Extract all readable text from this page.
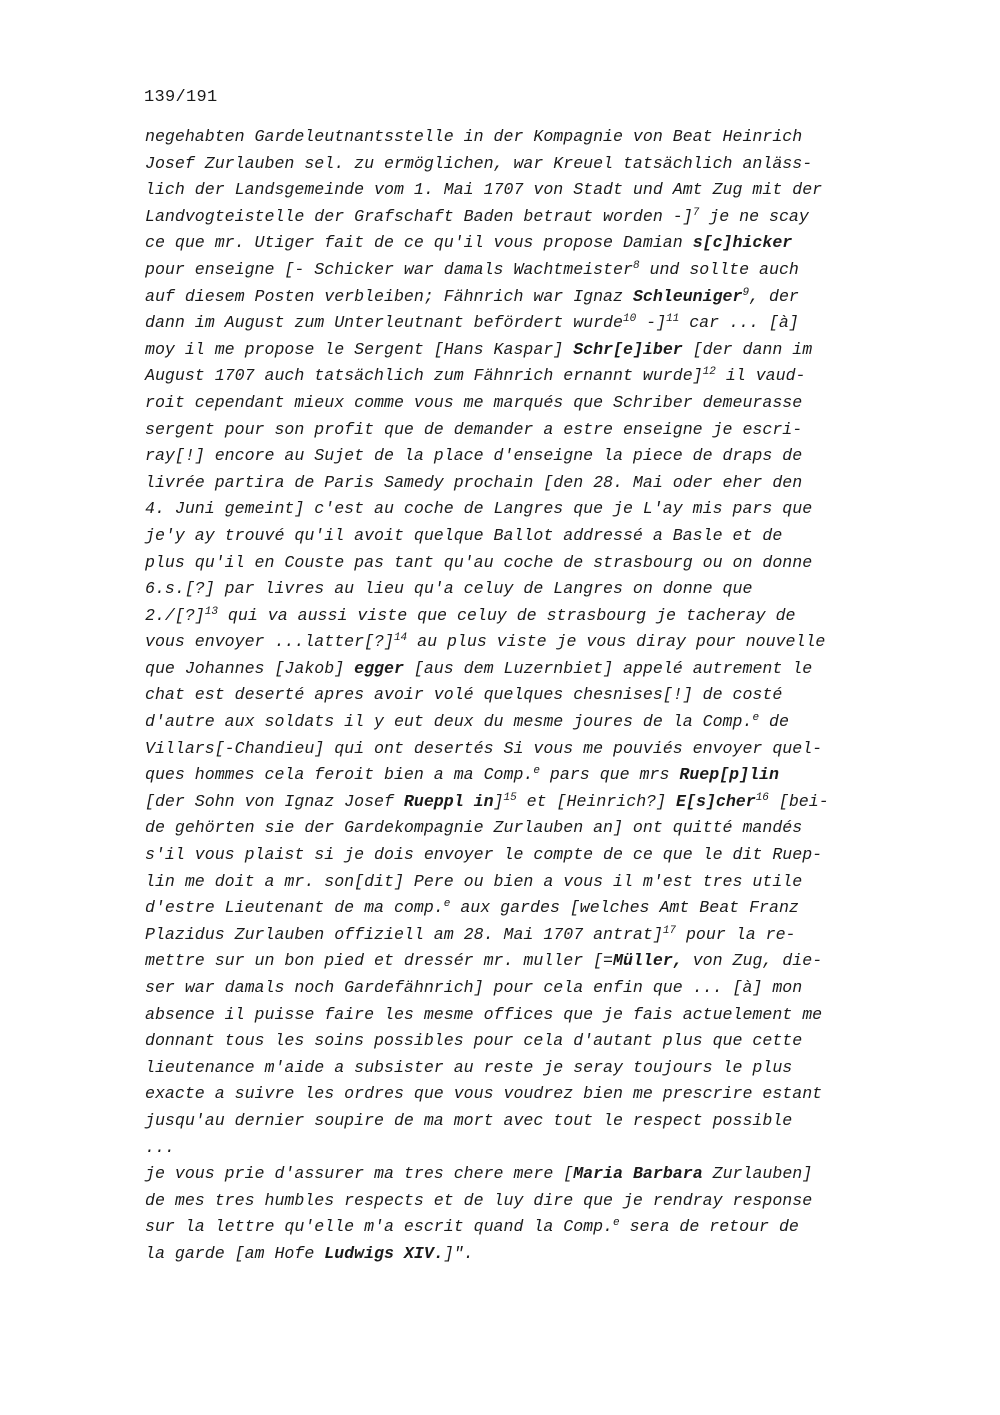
139/191
negehabten Gardeleutnantsstelle in der Kompagnie von Beat Heinrich
Josef Zurlauben sel. zu ermöglichen, war Kreuel tatsächlich anläss-
lich der Landsgemeinde vom 1. Mai 1707 von Stadt und Amt Zug mit der
Landvogteistelle der Grafschaft Baden betraut worden -]$^7$ je ne scay
ce que mr. Utiger fait de ce qu'il vous propose Damian s[c]hicker
pour enseigne [- Schicker war damals Wachtmeister$^8$ und sollte auch
auf diesem Posten verbleiben; Fähnrich war Ignaz Schleuniger$^9$, der
dann im August zum Unterleutnant befördert wurde$^{10}$ -]$^{11}$ car ... [à]
moy il me propose le Sergent [Hans Kaspar] Schr[e]iber [der dann im
August 1707 auch tatsächlich zum Fähnrich ernannt wurde]$^{12}$ il vaud-
roit cependant mieux comme vous me marqués que Schriber demeurasse
sergent pour son profit que de demander a estre enseigne je escri-
ray[!] encore au Sujet de la place d'enseigne la piece de draps de
livrée partira de Paris Samedy prochain [den 28. Mai oder eher den
4. Juni gemeint] c'est au coche de Langres que je L'ay mis pars que
je'y ay trouvé qu'il avoit quelque Ballot addressé a Basle et de
plus qu'il en Couste pas tant qu'au coche de strasbourg ou on donne
6.s.[?] par livres au lieu qu'a celuy de Langres on donne que
2./[?]$^{13}$ qui va aussi viste que celuy de strasbourg je tacheray de
vous envoyer ...latter[?]$^{14}$ au plus viste je vous diray pour nouvelle
que Johannes [Jakob] egger [aus dem Luzernbiet] appelé autrement le
chat est deserté apres avoir volé quelques chesnises[!] de costé
d'autre aux soldats il y eut deux du mesme joures de la Comp.$^e$ de
Villars[-Chandieu] qui ont desertés Si vous me pouviés envoyer quel-
ques hommes cela feroit bien a ma Comp.$^e$ pars que mrs Ruep[p]lin
[der Sohn von Ignaz Josef Rueppl in]$^{15}$ et [Heinrich?] E[s]cher$^{16}$ [bei-
de gehörten sie der Gardekompagnie Zurlauben an] ont quitté mandés
s'il vous plaist si je dois envoyer le compte de ce que le dit Ruep-
lin me doit a mr. son[dit] Pere ou bien a vous il m'est tres utile
d'estre Lieutenant de ma comp.$^e$ aux gardes [welches Amt Beat Franz
Plazidus Zurlauben offiziell am 28. Mai 1707 antrat]$^{17}$ pour la re-
mettre sur un bon pied et dressér mr. muller [=Müller, von Zug, die-
ser war damals noch Gardefähnrich] pour cela enfin que ... [à] mon
absence il puisse faire les mesme offices que je fais actuelement me
donnant tous les soins possibles pour cela d'autant plus que cette
lieutenance m'aide a subsister au reste je seray toujours le plus
exacte a suivre les ordres que vous voudrez bien me prescrire estant
jusqu'au dernier soupire de ma mort avec tout le respect possible
...
je vous prie d'assurer ma tres chere mere [Maria Barbara Zurlauben]
de mes tres humbles respects et de luy dire que je rendray response
sur la lettre qu'elle m'a escrit quand la Comp.$^e$ sera de retour de
la garde [am Hofe Ludwigs XIV.]".
